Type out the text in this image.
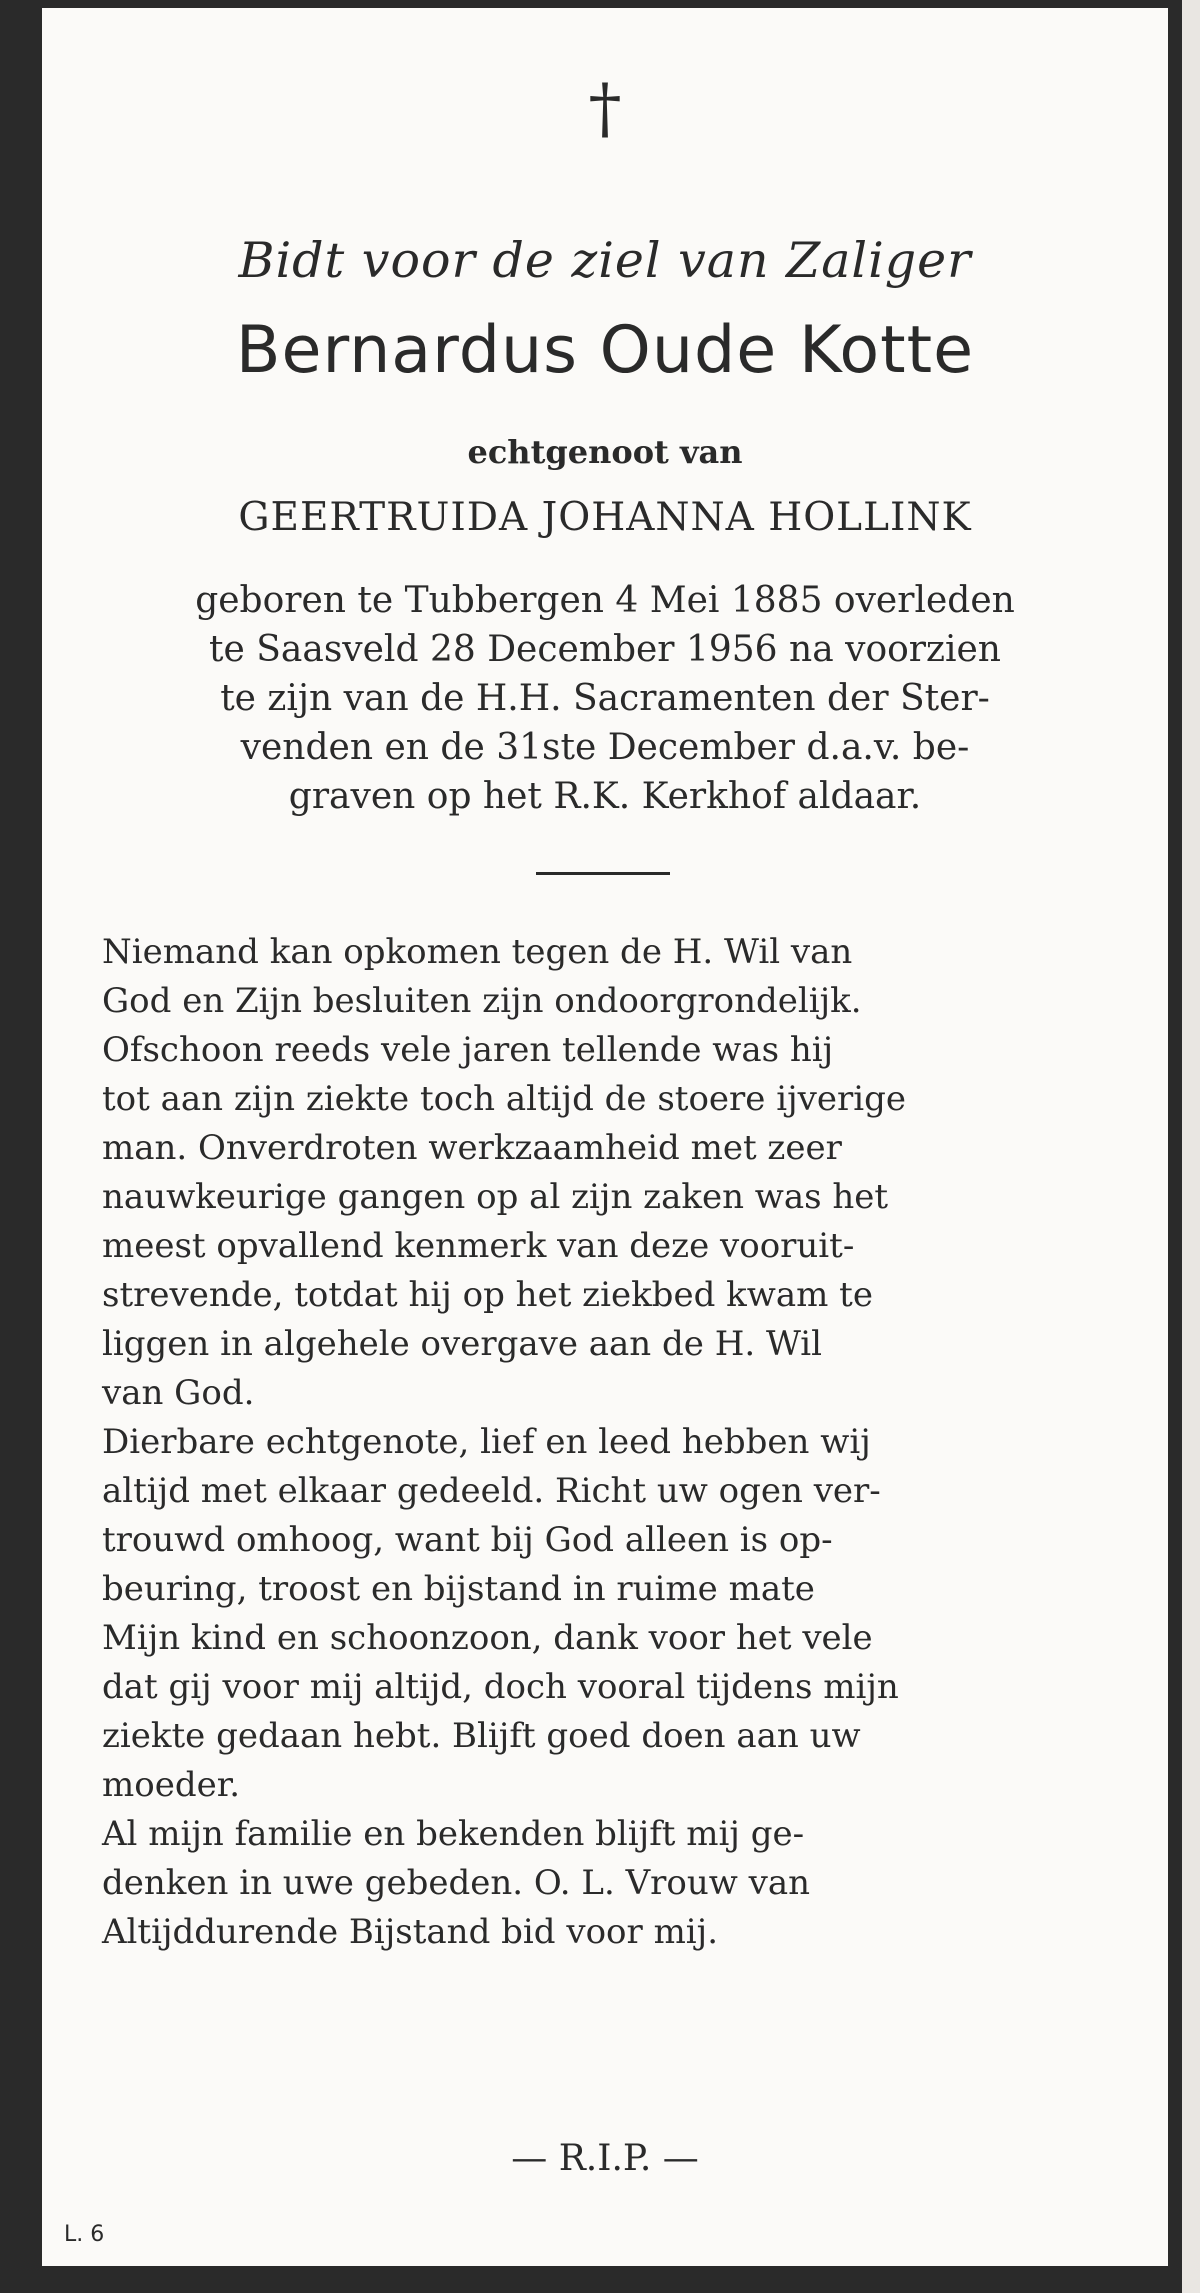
†
Bidt voor de ziel van Zaliger
Bernardus Oude Kotte
echtgenoot van
GEERTRUIDA JOHANNA HOLLINK
geboren te Tubbergen 4 Mei 1885 overleden
te Saasveld 28 December 1956 na voorzien
te zijn van de H.H. Sacramenten der Ster-
venden en de 31ste December d.a.v. be-
graven op het R.K. Kerkhof aldaar.
Niemand kan opkomen tegen de H. Wil van
God en Zijn besluiten zijn ondoorgrondelijk.
Ofschoon reeds vele jaren tellende was hij
tot aan zijn ziekte toch altijd de stoere ijverige
man. Onverdroten werkzaamheid met zeer
nauwkeurige gangen op al zijn zaken was het
meest opvallend kenmerk van deze vooruit-
strevende, totdat hij op het ziekbed kwam te
liggen in algehele overgave aan de H. Wil
van God.
Dierbare echtgenote, lief en leed hebben wij
altijd met elkaar gedeeld. Richt uw ogen ver-
trouwd omhoog, want bij God alleen is op-
beuring, troost en bijstand in ruime mate
Mijn kind en schoonzoon, dank voor het vele
dat gij voor mij altijd, doch vooral tijdens mijn
ziekte gedaan hebt. Blijft goed doen aan uw
moeder.
Al mijn familie en bekenden blijft mij ge-
denken in uwe gebeden. O. L. Vrouw van
Altijddurende Bijstand bid voor mij.
— R.I.P. —
L. 6
